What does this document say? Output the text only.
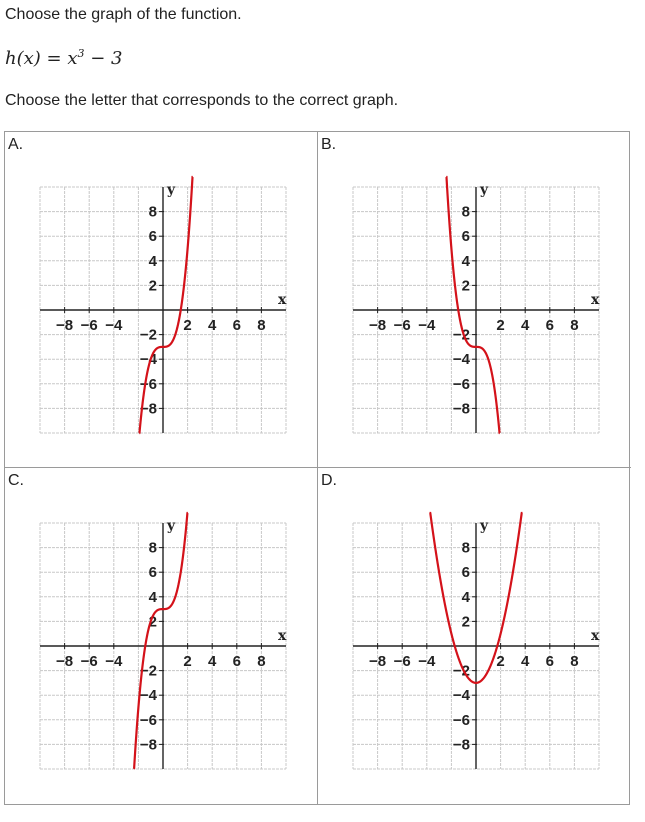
Choose the graph of the function.
$h(x) = x^3 - 3$
Choose the letter that corresponds to the correct graph.
A.
x
y
−8 −6 −4	2 4 6 8
8
6
4
2
−2
−4
−6
−8
B.
x
y
−8 −6 −4	2 4 6 8
8
6
4
2
−2
−4
−6
−8
C.
x
y
−8 −6 −4	2 4 6 8
8
6
4
2
−2
−4
−6
−8
D.
x
y
−8 −6 −4	2 4 6 8
8
6
4
2
−2
−4
−6
−8
